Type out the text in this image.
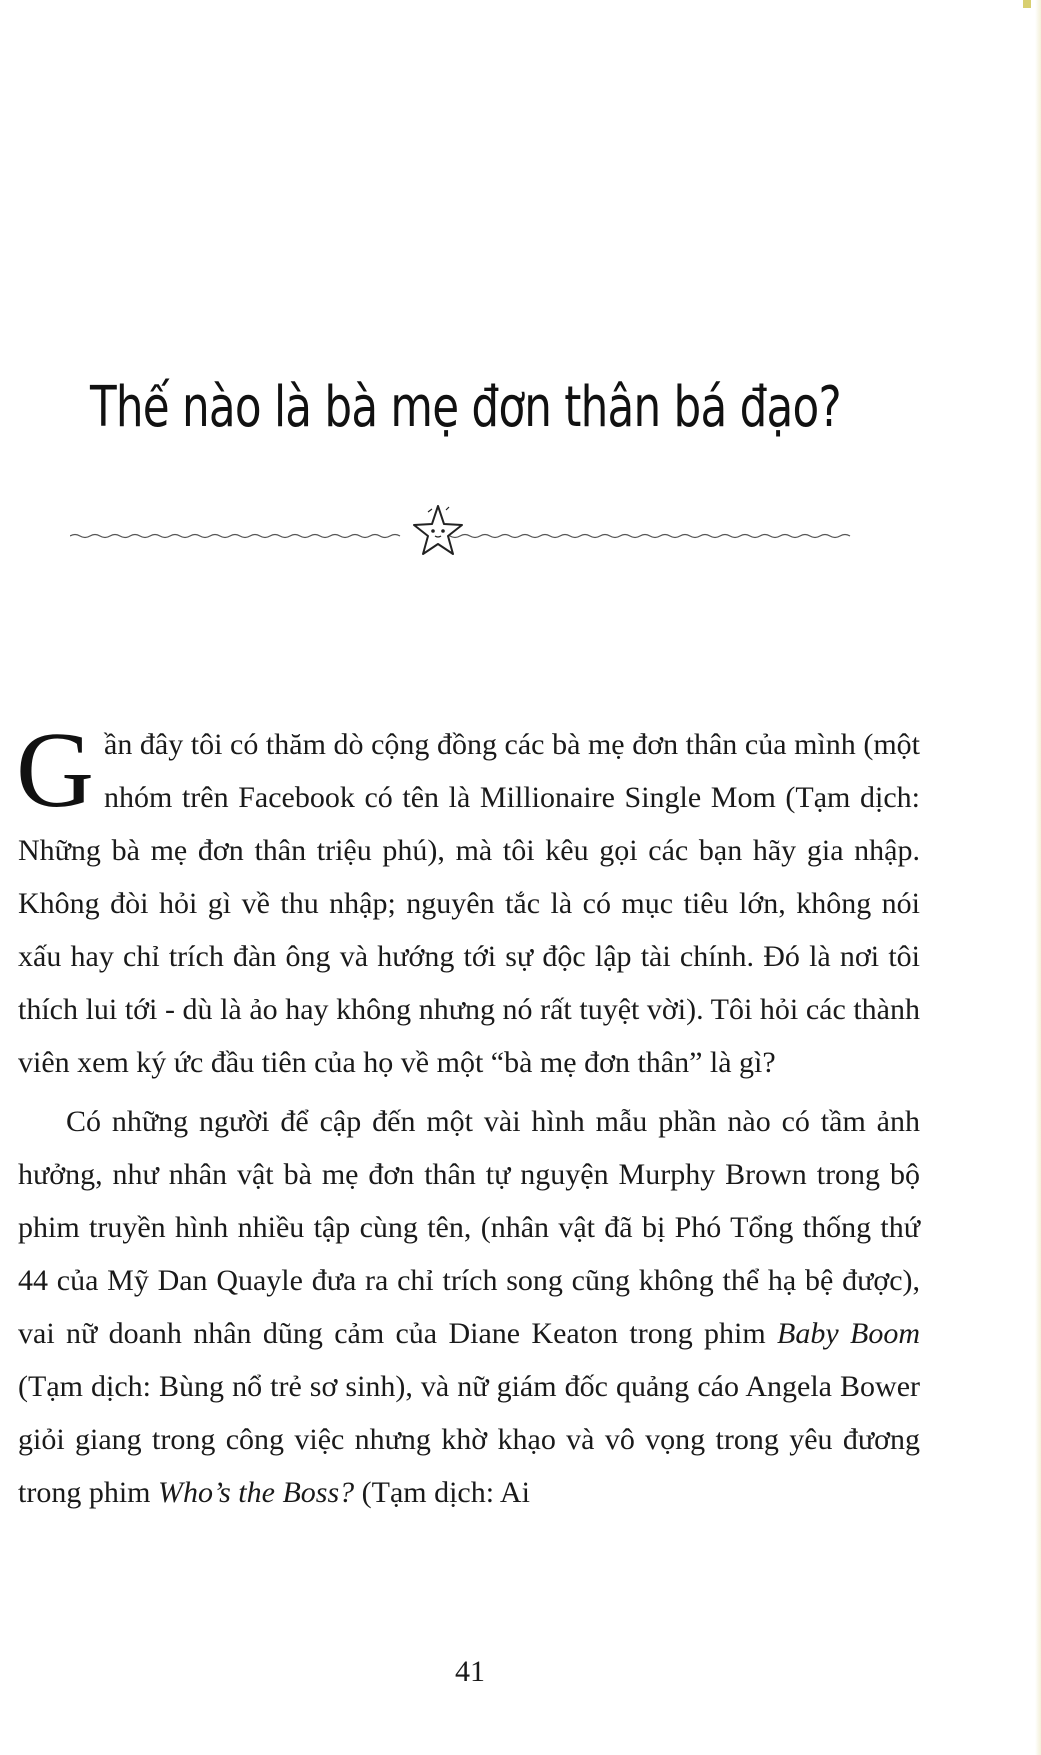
Thế nào là bà mẹ đơn thân bá đạo?

Gần đây tôi có thăm dò cộng đồng các bà mẹ đơn thân của mình (một nhóm trên Facebook có tên là Millionaire Single Mom (Tạm dịch: Những bà mẹ đơn thân triệu phú), mà tôi kêu gọi các bạn hãy gia nhập. Không đòi hỏi gì về thu nhập; nguyên tắc là có mục tiêu lớn, không nói xấu hay chỉ trích đàn ông và hướng tới sự độc lập tài chính. Đó là nơi tôi thích lui tới - dù là ảo hay không nhưng nó rất tuyệt vời). Tôi hỏi các thành viên xem ký ức đầu tiên của họ về một “bà mẹ đơn thân” là gì?

Có những người để cập đến một vài hình mẫu phần nào có tầm ảnh hưởng, như nhân vật bà mẹ đơn thân tự nguyện Murphy Brown trong bộ phim truyền hình nhiều tập cùng tên, (nhân vật đã bị Phó Tổng thống thứ 44 của Mỹ Dan Quayle đưa ra chỉ trích song cũng không thể hạ bệ được), vai nữ doanh nhân dũng cảm của Diane Keaton trong phim Baby Boom (Tạm dịch: Bùng nổ trẻ sơ sinh), và nữ giám đốc quảng cáo Angela Bower giỏi giang trong công việc nhưng khờ khạo và vô vọng trong yêu đương trong phim Who’s the Boss? (Tạm dịch: Ai

41
